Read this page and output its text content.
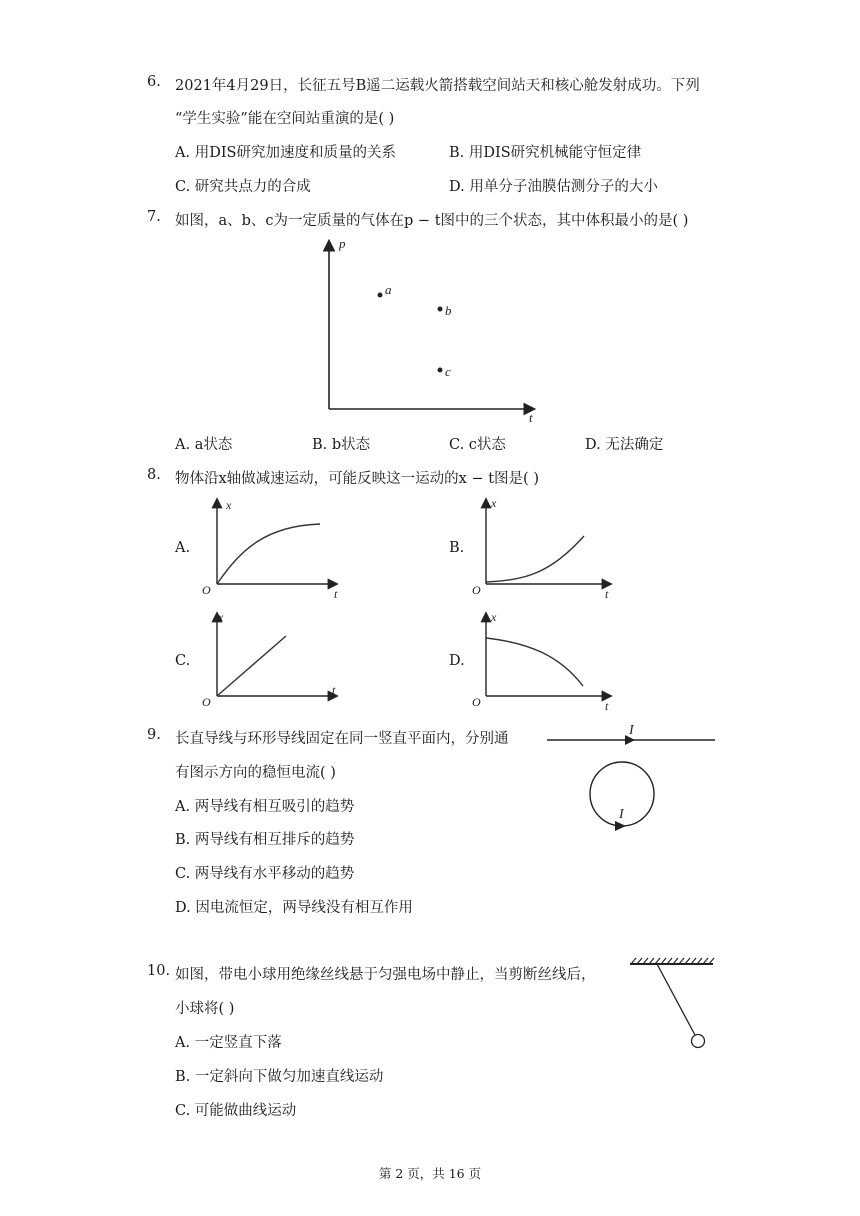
6. 2021年4月29日，长征五号B遥二运载火箭搭载空间站天和核心舱发射成功。下列
“学生实验”能在空间站重演的是( )
A. 用DIS研究加速度和质量的关系	B. 用DIS研究机械能守恒定律
C. 研究共点力的合成	D. 用单分子油膜估测分子的大小
7. 如图，a、b、c为一定质量的气体在p − t图中的三个状态，其中体积最小的是( )
p
t
a
b
c
A. a状态	B. b状态	C. c状态	D. 无法确定
8. 物体沿x轴做减速运动，可能反映这一运动的x − t图是( )
A.	B.
C.	D.
x
t
O
x
t
O
x
t
O
x
t
O
9. 长直导线与环形导线固定在同一竖直平面内，分别通
有图示方向的稳恒电流( )
A. 两导线有相互吸引的趋势
B. 两导线有相互排斥的趋势
C. 两导线有水平移动的趋势
D. 因电流恒定，两导线没有相互作用
I
I
10. 如图，带电小球用绝缘丝线悬于匀强电场中静止，当剪断丝线后，
小球将( )
A. 一定竖直下落
B. 一定斜向下做匀加速直线运动
C. 可能做曲线运动
第 2 页，共 16 页
